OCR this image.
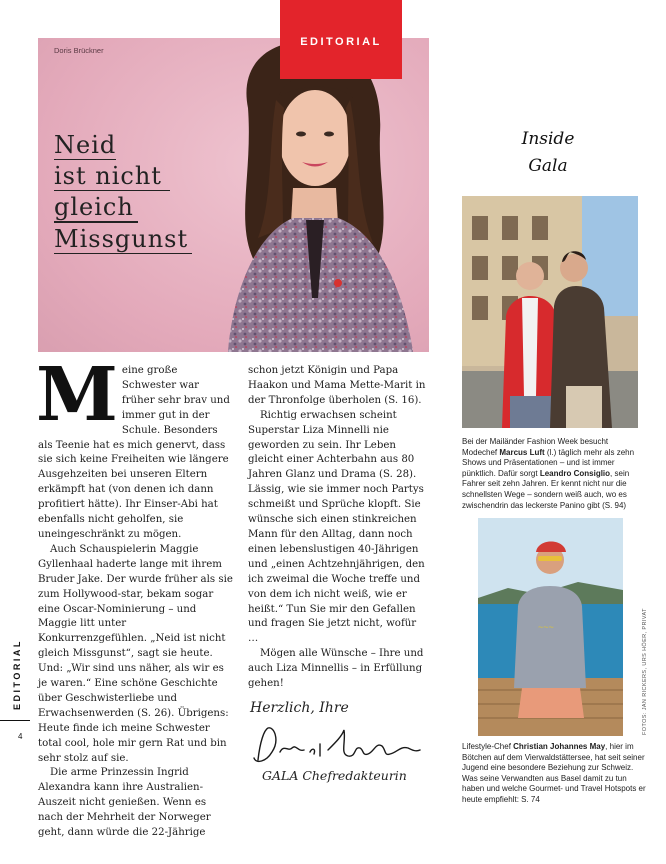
Doris Brückner
Neid
ist nicht
gleich
Missgunst
EDITORIAL

Meine große Schwester war früher sehr brav und immer gut in der Schule. Besonders als Teenie hat es mich genervt, dass sie sich keine Freiheiten wie längere Ausgehzeiten bei unseren Eltern erkämpft hat (von denen ich dann profitiert hätte). Ihr Einser-Abi hat ebenfalls nicht geholfen, sie uneingeschränkt zu mögen.

Auch Schauspielerin Maggie Gyllenhaal haderte lange mit ihrem Bruder Jake. Der wurde früher als sie zum Hollywood-star, bekam sogar eine Oscar-Nominierung – und Maggie litt unter Konkurrenzgefühlen. „Neid ist nicht gleich Missgunst“, sagt sie heute. Und: „Wir sind uns näher, als wir es je waren.“ Eine schöne Geschichte über Geschwisterliebe und Erwachsenwerden (S. 26). Übrigens: Heute finde ich meine Schwester total cool, hole mir gern Rat und bin sehr stolz auf sie.

Die arme Prinzessin Ingrid Alexandra kann ihre Australien-Auszeit nicht genießen. Wenn es nach der Mehrheit der Norweger geht, dann würde die 22-Jährige

schon jetzt Königin und Papa Haakon und Mama Mette-Marit in der Thronfolge überholen (S. 16).

Richtig erwachsen scheint Superstar Liza Minnelli nie geworden zu sein. Ihr Leben gleicht einer Achterbahn aus 80 Jahren Glanz und Drama (S. 28). Lässig, wie sie immer noch Partys schmeißt und Sprüche klopft. Sie wünsche sich einen stinkreichen Mann für den Alltag, dann noch einen lebenslustigen 40-Jährigen und „einen Achtzehnjährigen, den ich zweimal die Woche treffe und von dem ich nicht weiß, wie er heißt.“ Tun Sie mir den Gefallen und fragen Sie jetzt nicht, wofür …

Mögen alle Wünsche – Ihre und auch Liza Minnellis – in Erfüllung gehen!

Herzlich, Ihre
GALA Chefredakteurin
Inside
Gala
Bei der Mailänder Fashion Week besucht Modechef Marcus Luft (l.) täglich mehr als zehn Shows und Präsentationen – und ist immer pünktlich. Dafür sorgt Leandro Consiglio, sein Fahrer seit zehn Jahren. Er kennt nicht nur die schnellsten Wege – sondern weiß auch, wo es zwischendrin das leckerste Panino gibt (S. 94)
~~~
Lifestyle-Chef Christian Johannes May, hier im Bötchen auf dem Vierwaldstättersee, hat seit seiner Jugend eine besondere Beziehung zur Schweiz. Was seine Verwandten aus Basel damit zu tun haben und welche Gourmet- und Travel Hotspots er heute empfiehlt: S. 74
FOTOS: JAN RICKERS, URS HÖER, PRIVAT
EDITORIAL
4
